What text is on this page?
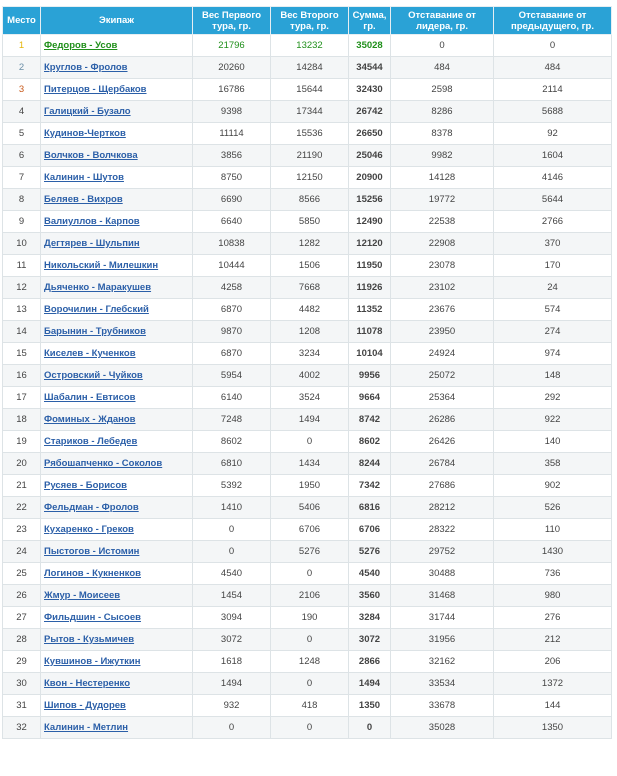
Место	Экипаж	Вес Первого тура, гр.	Вес Второго тура, гр.	Сумма, гр.	Отставание от лидера, гр.	Отставание от предыдущего, гр.
1	Федоров - Усов	21796	13232	35028	0	0
2	Круглов - Фролов	20260	14284	34544	484	484
3	Питерцов - Щербаков	16786	15644	32430	2598	2114
4	Галицкий - Бузало	9398	17344	26742	8286	5688
5	Кудинов-Чертков	11114	15536	26650	8378	92
6	Волчков - Волчкова	3856	21190	25046	9982	1604
7	Калинин - Шутов	8750	12150	20900	14128	4146
8	Беляев - Вихров	6690	8566	15256	19772	5644
9	Валиуллов - Карпов	6640	5850	12490	22538	2766
10	Дегтярев - Шульпин	10838	1282	12120	22908	370
11	Никольский - Милешкин	10444	1506	11950	23078	170
12	Дьяченко - Маракушев	4258	7668	11926	23102	24
13	Ворочилин - Глебский	6870	4482	11352	23676	574
14	Барынин - Трубников	9870	1208	11078	23950	274
15	Киселев - Кученков	6870	3234	10104	24924	974
16	Островский - Чуйков	5954	4002	9956	25072	148
17	Шабалин - Евтисов	6140	3524	9664	25364	292
18	Фоминых - Жданов	7248	1494	8742	26286	922
19	Стариков - Лебедев	8602	0	8602	26426	140
20	Рябошапченко - Соколов	6810	1434	8244	26784	358
21	Русяев - Борисов	5392	1950	7342	27686	902
22	Фельдман - Фролов	1410	5406	6816	28212	526
23	Кухаренко - Греков	0	6706	6706	28322	110
24	Пыстогов - Истомин	0	5276	5276	29752	1430
25	Логинов - Кукненков	4540	0	4540	30488	736
26	Жмур - Моисеев	1454	2106	3560	31468	980
27	Фильдшин - Сысоев	3094	190	3284	31744	276
28	Рытов - Кузьмичев	3072	0	3072	31956	212
29	Кувшинов - Ижуткин	1618	1248	2866	32162	206
30	Квон - Нестеренко	1494	0	1494	33534	1372
31	Шипов - Дудорев	932	418	1350	33678	144
32	Калинин - Метлин	0	0	0	35028	1350
